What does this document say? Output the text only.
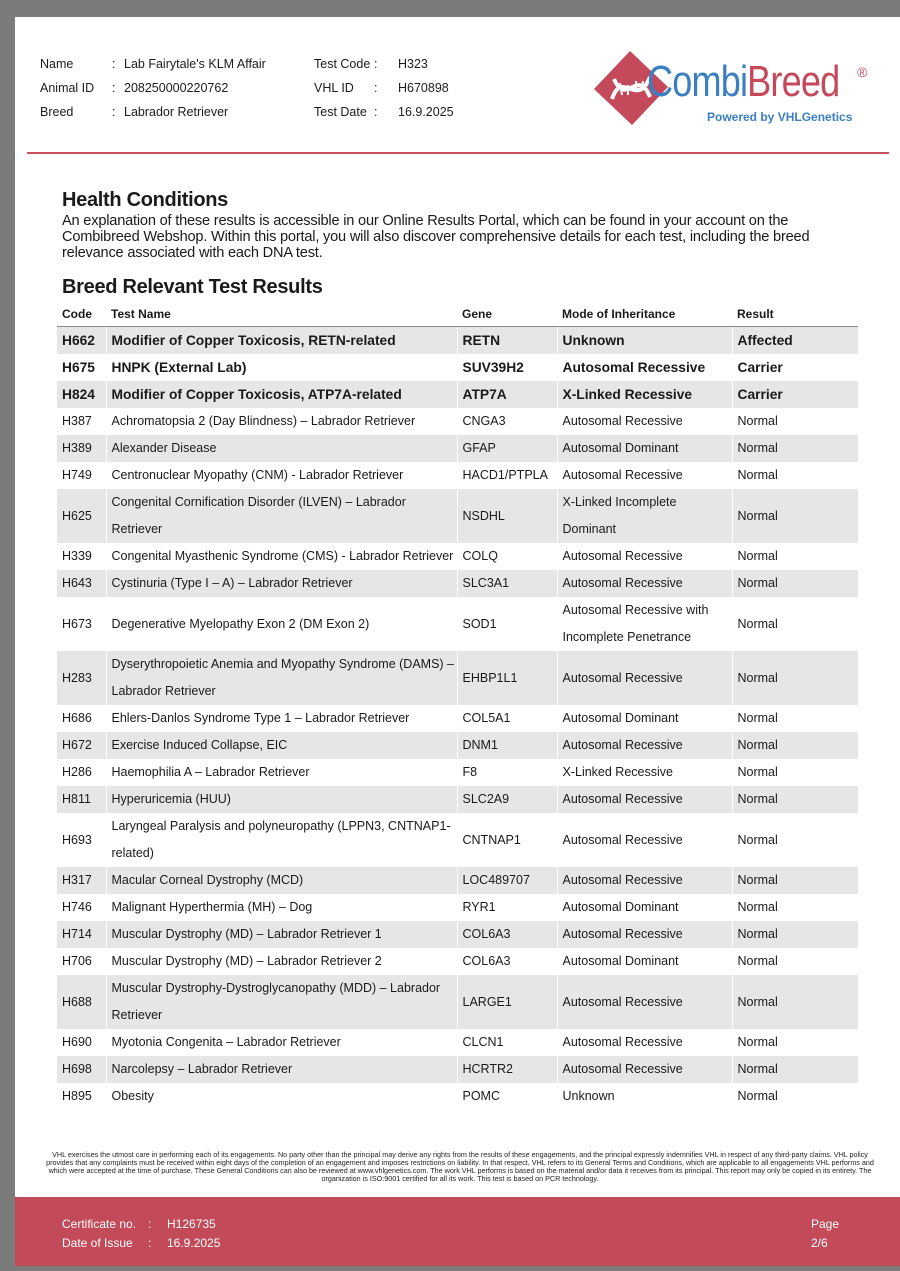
Name	: Lab Fairytale's KLM Affair
Animal ID	: 208250000220762
Breed	: Labrador Retriever
Test Code :	H323
VHL ID	:	H670898
Test Date :	16.9.2025
CombiBreed ®
Powered by VHLGenetics
Health Conditions
An explanation of these results is accessible in our Online Results Portal, which can be found in your account on the Combibreed Webshop. Within this portal, you will also discover comprehensive details for each test, including the breed relevance associated with each DNA test.
Breed Relevant Test Results
Code	Test Name	Gene	Mode of Inheritance	Result
H662	Modifier of Copper Toxicosis, RETN-related	RETN	Unknown	Affected
H675	HNPK (External Lab)	SUV39H2	Autosomal Recessive	Carrier
H824	Modifier of Copper Toxicosis, ATP7A-related	ATP7A	X-Linked Recessive	Carrier
H387	Achromatopsia 2 (Day Blindness) – Labrador Retriever	CNGA3	Autosomal Recessive	Normal
H389	Alexander Disease	GFAP	Autosomal Dominant	Normal
H749	Centronuclear Myopathy (CNM) - Labrador Retriever	HACD1/PTPLA	Autosomal Recessive	Normal
H625	Congenital Cornification Disorder (ILVEN) – Labrador Retriever	NSDHL	X-Linked Incomplete Dominant	Normal
H339	Congenital Myasthenic Syndrome (CMS) - Labrador Retriever	COLQ	Autosomal Recessive	Normal
H643	Cystinuria (Type I – A) – Labrador Retriever	SLC3A1	Autosomal Recessive	Normal
H673	Degenerative Myelopathy Exon 2 (DM Exon 2)	SOD1	Autosomal Recessive with Incomplete Penetrance	Normal
H283	Dyserythropoietic Anemia and Myopathy Syndrome (DAMS) – Labrador Retriever	EHBP1L1	Autosomal Recessive	Normal
H686	Ehlers-Danlos Syndrome Type 1 – Labrador Retriever	COL5A1	Autosomal Dominant	Normal
H672	Exercise Induced Collapse, EIC	DNM1	Autosomal Recessive	Normal
H286	Haemophilia A – Labrador Retriever	F8	X-Linked Recessive	Normal
H811	Hyperuricemia (HUU)	SLC2A9	Autosomal Recessive	Normal
H693	Laryngeal Paralysis and polyneuropathy (LPPN3, CNTNAP1-related)	CNTNAP1	Autosomal Recessive	Normal
H317	Macular Corneal Dystrophy (MCD)	LOC489707	Autosomal Recessive	Normal
H746	Malignant Hyperthermia (MH) – Dog	RYR1	Autosomal Dominant	Normal
H714	Muscular Dystrophy (MD) – Labrador Retriever 1	COL6A3	Autosomal Recessive	Normal
H706	Muscular Dystrophy (MD) – Labrador Retriever 2	COL6A3	Autosomal Dominant	Normal
H688	Muscular Dystrophy-Dystroglycanopathy (MDD) – Labrador Retriever	LARGE1	Autosomal Recessive	Normal
H690	Myotonia Congenita – Labrador Retriever	CLCN1	Autosomal Recessive	Normal
H698	Narcolepsy – Labrador Retriever	HCRTR2	Autosomal Recessive	Normal
H895	Obesity	POMC	Unknown	Normal
VHL exercises the utmost care in performing each of its engagements. No party other than the principal may derive any rights from the results of these engagements, and the principal expressly indemnifies VHL in respect of any third-party claims. VHL policy provides that any complaints must be received within eight days of the completion of an engagement and imposes restrictions on liability. In that respect, VHL refers to its General Terms and Conditions, which are applicable to all engagements VHL performs and which were accepted at the time of purchase. These General Conditions can also be reviewed at www.vhlgenetics.com. The work VHL performs is based on the material and/or data it receives from its principal. This report may only be copied in its entirety. The organization is ISO:9001 certified for all its work. This test is based on PCR technology.
Certificate no. :	H126735
Date of Issue	:	16.9.2025
Page
2/6
